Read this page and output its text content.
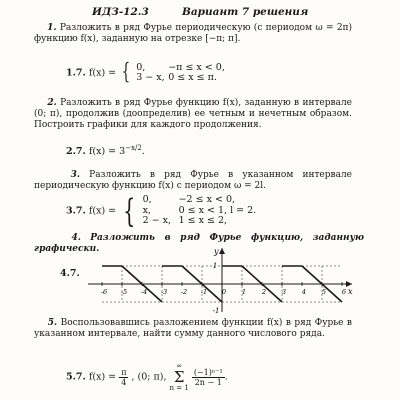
ИДЗ-12.3	Вариант 7 решения
1. Разложить в ряд Фурье периодическую (с периодом ω = 2π) функцию f(x), заданную на отрезке [−π; π].
1.7. f(x) = { 0, −π ≤ x < 0,
3 − x, 0 ≤ x ≤ π.
2. Разложить в ряд Фурье функцию f(x), заданную в интервале (0; π), продолжив (доопределив) ее четным и нечетным образом. Построить графики для каждого продолжения.
2.7. $f(x) = 3^{-x/2}$.
3. Разложить в ряд Фурье в указанном интервале периодическую функцию f(x) с периодом ω = 2l.
3.7. f(x) = { 0,	−2 ≤ x < 0,
x,	0 ≤ x < 1, l = 2.
2 − x, 1 ≤ x ≤ 2,
4. Разложить в ряд Фурье функцию, заданную графически.
4.7.
-6 -5 -4 -3 -2 -1 0 1 2 3 4 5 6
1
-1
y
x
5. Воспользовавшись разложением функции f(x) в ряд Фурье в указанном интервале, найти сумму данного числового ряда.
5.7. $f(x) = \frac{\pi}{4}$ , (0; π), ∞
Σ
n = 1
$\frac{\text{(−1)ⁿ⁻¹}}{2n - 1}$ .
